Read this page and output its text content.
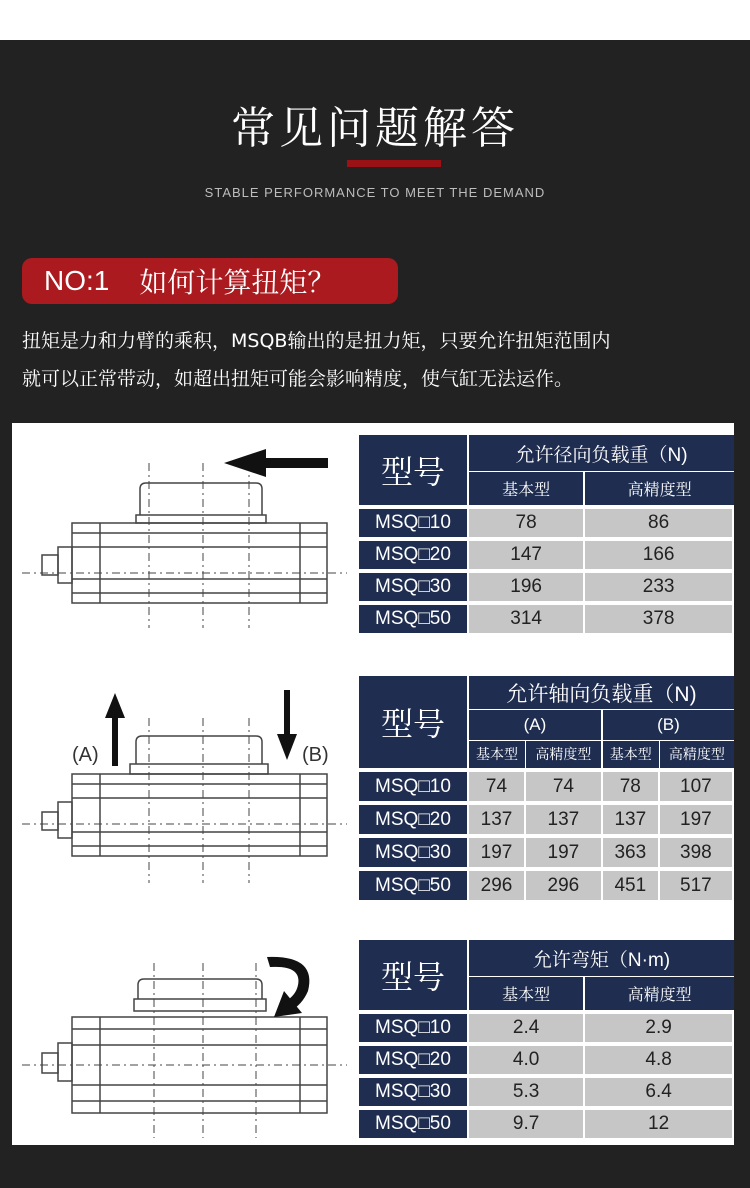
常见问题解答
STABLE PERFORMANCE TO MEET THE DEMAND
NO:1 如何计算扭矩？
扭矩是力和力臂的乘积，MSQB输出的是扭力矩，只要允许扭矩范围内
就可以正常带动，如超出扭矩可能会影响精度，使气缸无法运作。
(A)	(B)
型号	允许径向负载重（N)	
	基本型	高精度型
MSQ□10	78	86
MSQ□20	147	166
MSQ□30	196	233
MSQ□50	314	378
型号	允许轴向负载重（N)			
	(A)		(B)	
	基本型	高精度型	基本型	高精度型
MSQ□10	74	74	78	107
MSQ□20	137	137	137	197
MSQ□30	197	197	363	398
MSQ□50	296	296	451	517
型号	允许弯矩（N·m)	
	基本型	高精度型
MSQ□10	2.4	2.9
MSQ□20	4.0	4.8
MSQ□30	5.3	6.4
MSQ□50	9.7	12
